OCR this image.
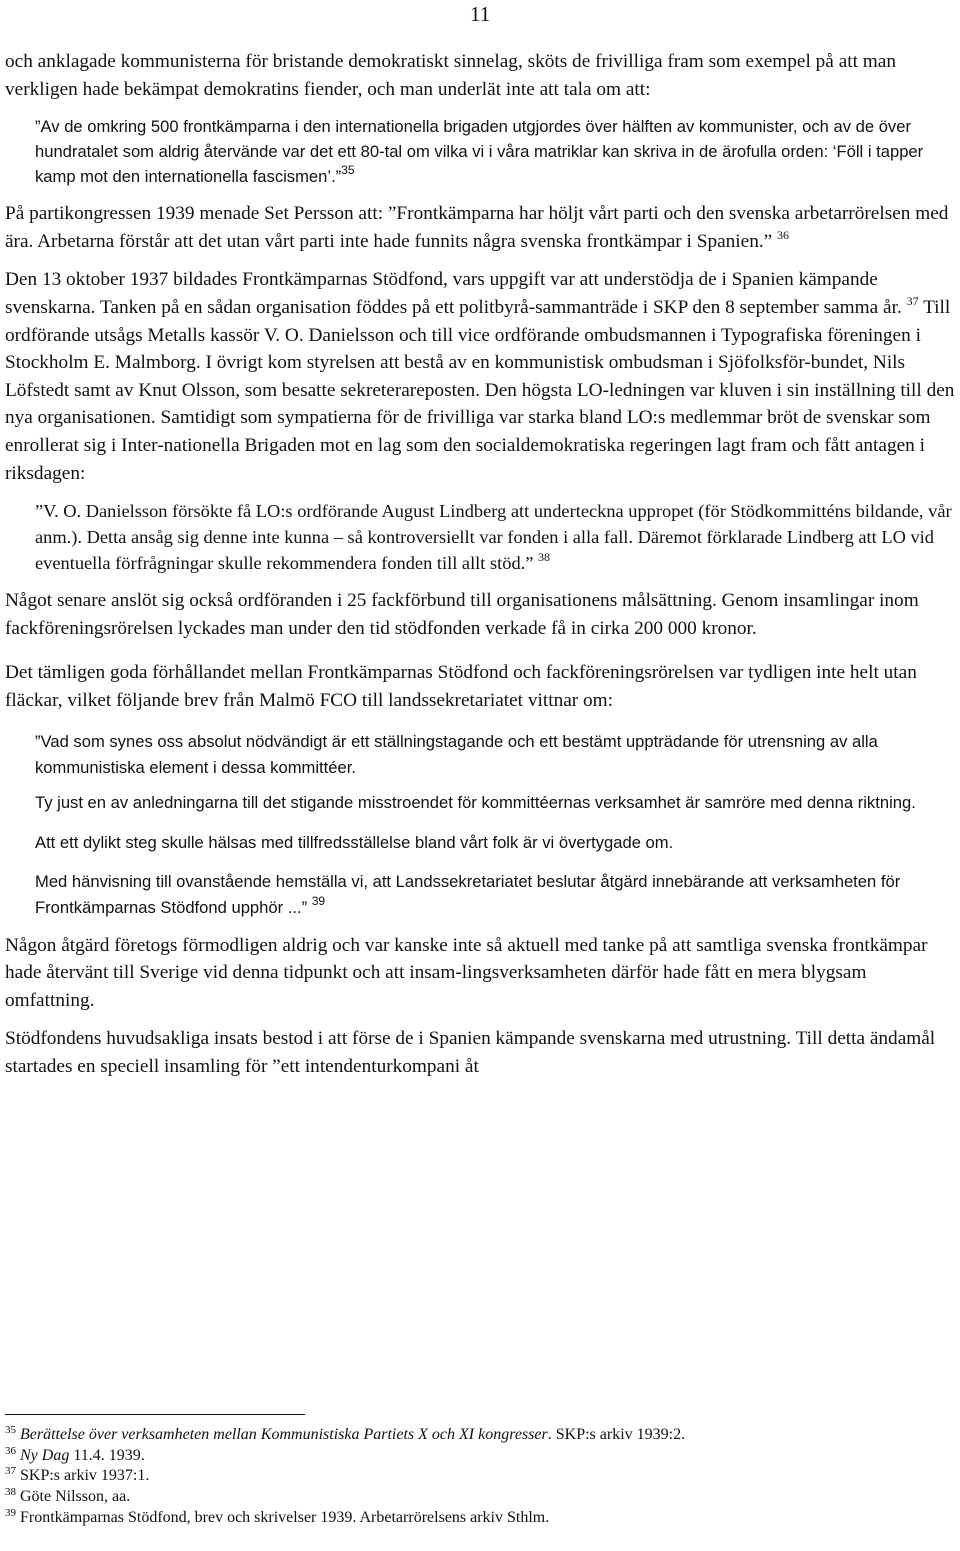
11

och anklagade kommunisterna för bristande demokratiskt sinnelag, sköts de frivilliga fram som exempel på att man verkligen hade bekämpat demokratins fiender, och man underlät inte att tala om att:

”Av de omkring 500 frontkämparna i den internationella brigaden utgjordes över hälften av kommunister, och av de över hundratalet som aldrig återvände var det ett 80-tal om vilka vi i våra matriklar kan skriva in de ärofulla orden: ‘Föll i tapper kamp mot den internationella fascismen’.”$^{35}$

På partikongressen 1939 menade Set Persson att: ”Frontkämparna har höljt vårt parti och den svenska arbetarrörelsen med ära. Arbetarna förstår att det utan vårt parti inte hade funnits några svenska frontkämpar i Spanien.” $^{36}$

Den 13 oktober 1937 bildades Frontkämparnas Stödfond, vars uppgift var att understödja de i Spanien kämpande svenskarna. Tanken på en sådan organisation föddes på ett politbyrå-sammanträde i SKP den 8 september samma år. $^{37}$ Till ordförande utsågs Metalls kassör V. O. Danielsson och till vice ordförande ombudsmannen i Typografiska föreningen i Stockholm E. Malmborg. I övrigt kom styrelsen att bestå av en kommunistisk ombudsman i Sjöfolksför-bundet, Nils Löfstedt samt av Knut Olsson, som besatte sekreterareposten. Den högsta LO-ledningen var kluven i sin inställning till den nya organisationen. Samtidigt som sympatierna för de frivilliga var starka bland LO:s medlemmar bröt de svenskar som enrollerat sig i Inter-nationella Brigaden mot en lag som den socialdemokratiska regeringen lagt fram och fått antagen i riksdagen:

”V. O. Danielsson försökte få LO:s ordförande August Lindberg att underteckna uppropet (för Stödkommitténs bildande, vår anm.). Detta ansåg sig denne inte kunna – så kontroversiellt var fonden i alla fall. Däremot förklarade Lindberg att LO vid eventuella förfrågningar skulle rekommendera fonden till allt stöd.” $^{38}$

Något senare anslöt sig också ordföranden i 25 fackförbund till organisationens målsättning. Genom insamlingar inom fackföreningsrörelsen lyckades man under den tid stödfonden verkade få in cirka 200 000 kronor.

Det tämligen goda förhållandet mellan Frontkämparnas Stödfond och fackföreningsrörelsen var tydligen inte helt utan fläckar, vilket följande brev från Malmö FCO till landssekretariatet vittnar om:

”Vad som synes oss absolut nödvändigt är ett ställningstagande och ett bestämt uppträdande för utrensning av alla kommunistiska element i dessa kommittéer.

Ty just en av anledningarna till det stigande misstroendet för kommittéernas verksamhet är samröre med denna riktning.

Att ett dylikt steg skulle hälsas med tillfredsställelse bland vårt folk är vi övertygade om.

Med hänvisning till ovanstående hemställa vi, att Landssekretariatet beslutar åtgärd innebärande att verksamheten för Frontkämparnas Stödfond upphör ...” $^{39}$

Någon åtgärd företogs förmodligen aldrig och var kanske inte så aktuell med tanke på att samtliga svenska frontkämpar hade återvänt till Sverige vid denna tidpunkt och att insam-lingsverksamheten därför hade fått en mera blygsam omfattning.

Stödfondens huvudsakliga insats bestod i att förse de i Spanien kämpande svenskarna med utrustning. Till detta ändamål startades en speciell insamling för ”ett intendenturkompani åt

$^{35}$ Berättelse över verksamheten mellan Kommunistiska Partiets X och XI kongresser. SKP:s arkiv 1939:2.
$^{36}$ Ny Dag 11.4. 1939.
$^{37}$ SKP:s arkiv 1937:1.
$^{38}$ Göte Nilsson, aa.
$^{39}$ Frontkämparnas Stödfond, brev och skrivelser 1939. Arbetarrörelsens arkiv Sthlm.
